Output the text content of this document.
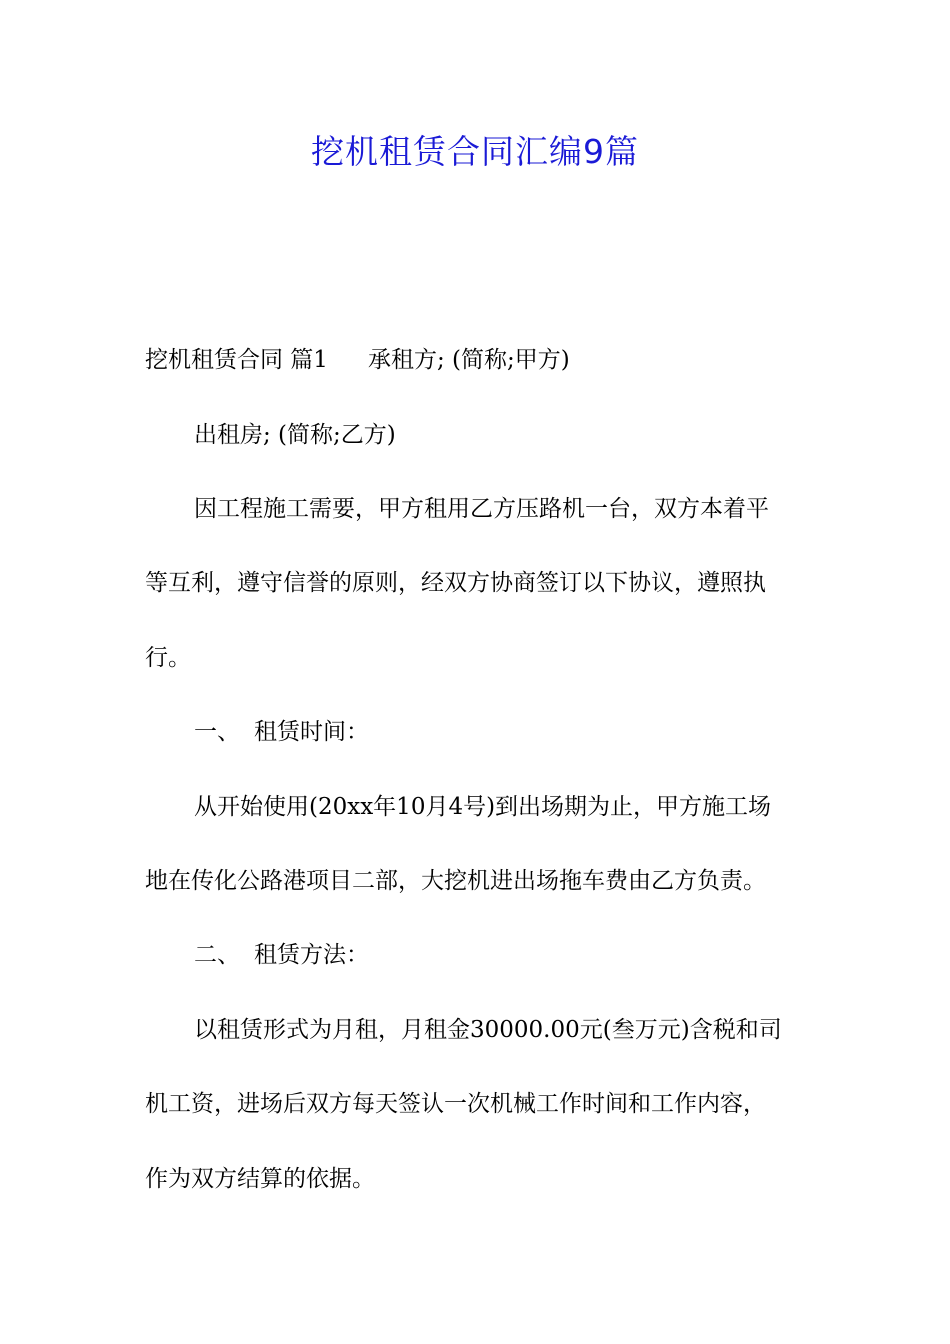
挖机租赁合同汇编9篇

挖机租赁合同 篇1 承租方; (简称;甲方)

出租房; (简称;乙方)

因工程施工需要，甲方租用乙方压路机一台，双方本着平

等互利，遵守信誉的原则，经双方协商签订以下协议，遵照执

行。

一、 租赁时间：

从开始使用(20xx年10月4号)到出场期为止，甲方施工场

地在传化公路港项目二部，大挖机进出场拖车费由乙方负责。

二、 租赁方法：

以租赁形式为月租，月租金30000.00元(叁万元)含税和司

机工资，进场后双方每天签认一次机械工作时间和工作内容，

作为双方结算的依据。
